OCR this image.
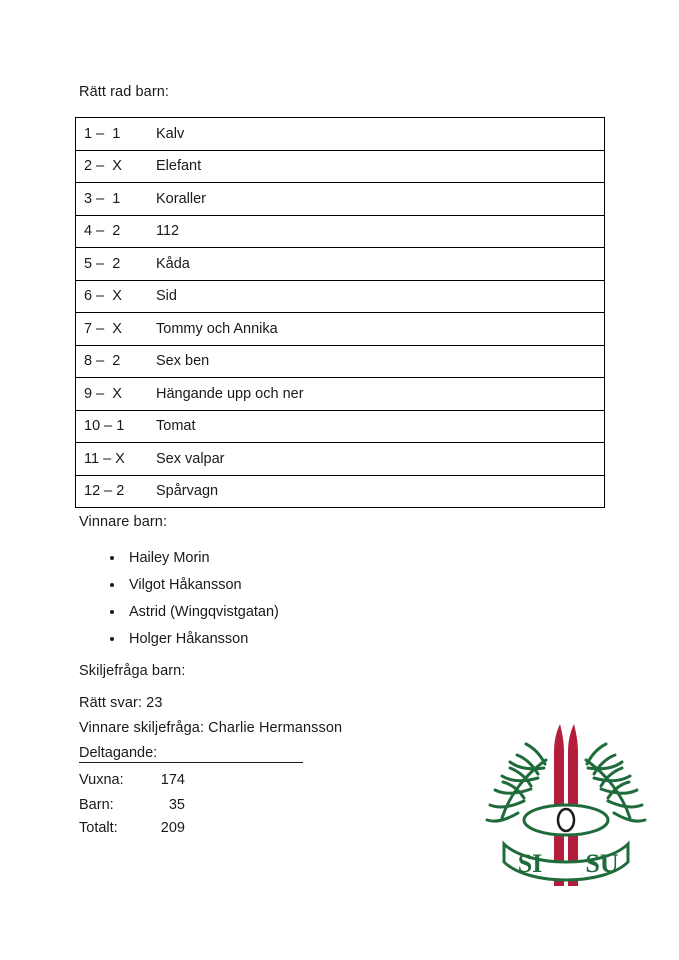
Rätt rad barn:
1 –  1	Kalv
2 –  X	Elefant
3 –  1	Koraller
4 –  2	112
5 –  2	Kåda
6 –  X	Sid
7 –  X	Tommy och Annika
8 –  2	Sex ben
9 –  X	Hängande upp och ner
10 – 1	Tomat
11 – X	Sex valpar
12 – 2	Spårvagn
Vinnare barn:
• Hailey Morin
• Vilgot Håkansson
• Astrid (Wingqvistgatan)
• Holger Håkansson
Skiljefråga barn:
Rätt svar: 23
Vinnare skiljefråga: Charlie Hermansson
Deltagande:
Vuxna:	174
Barn:	35
Totalt:	209
SI SU
